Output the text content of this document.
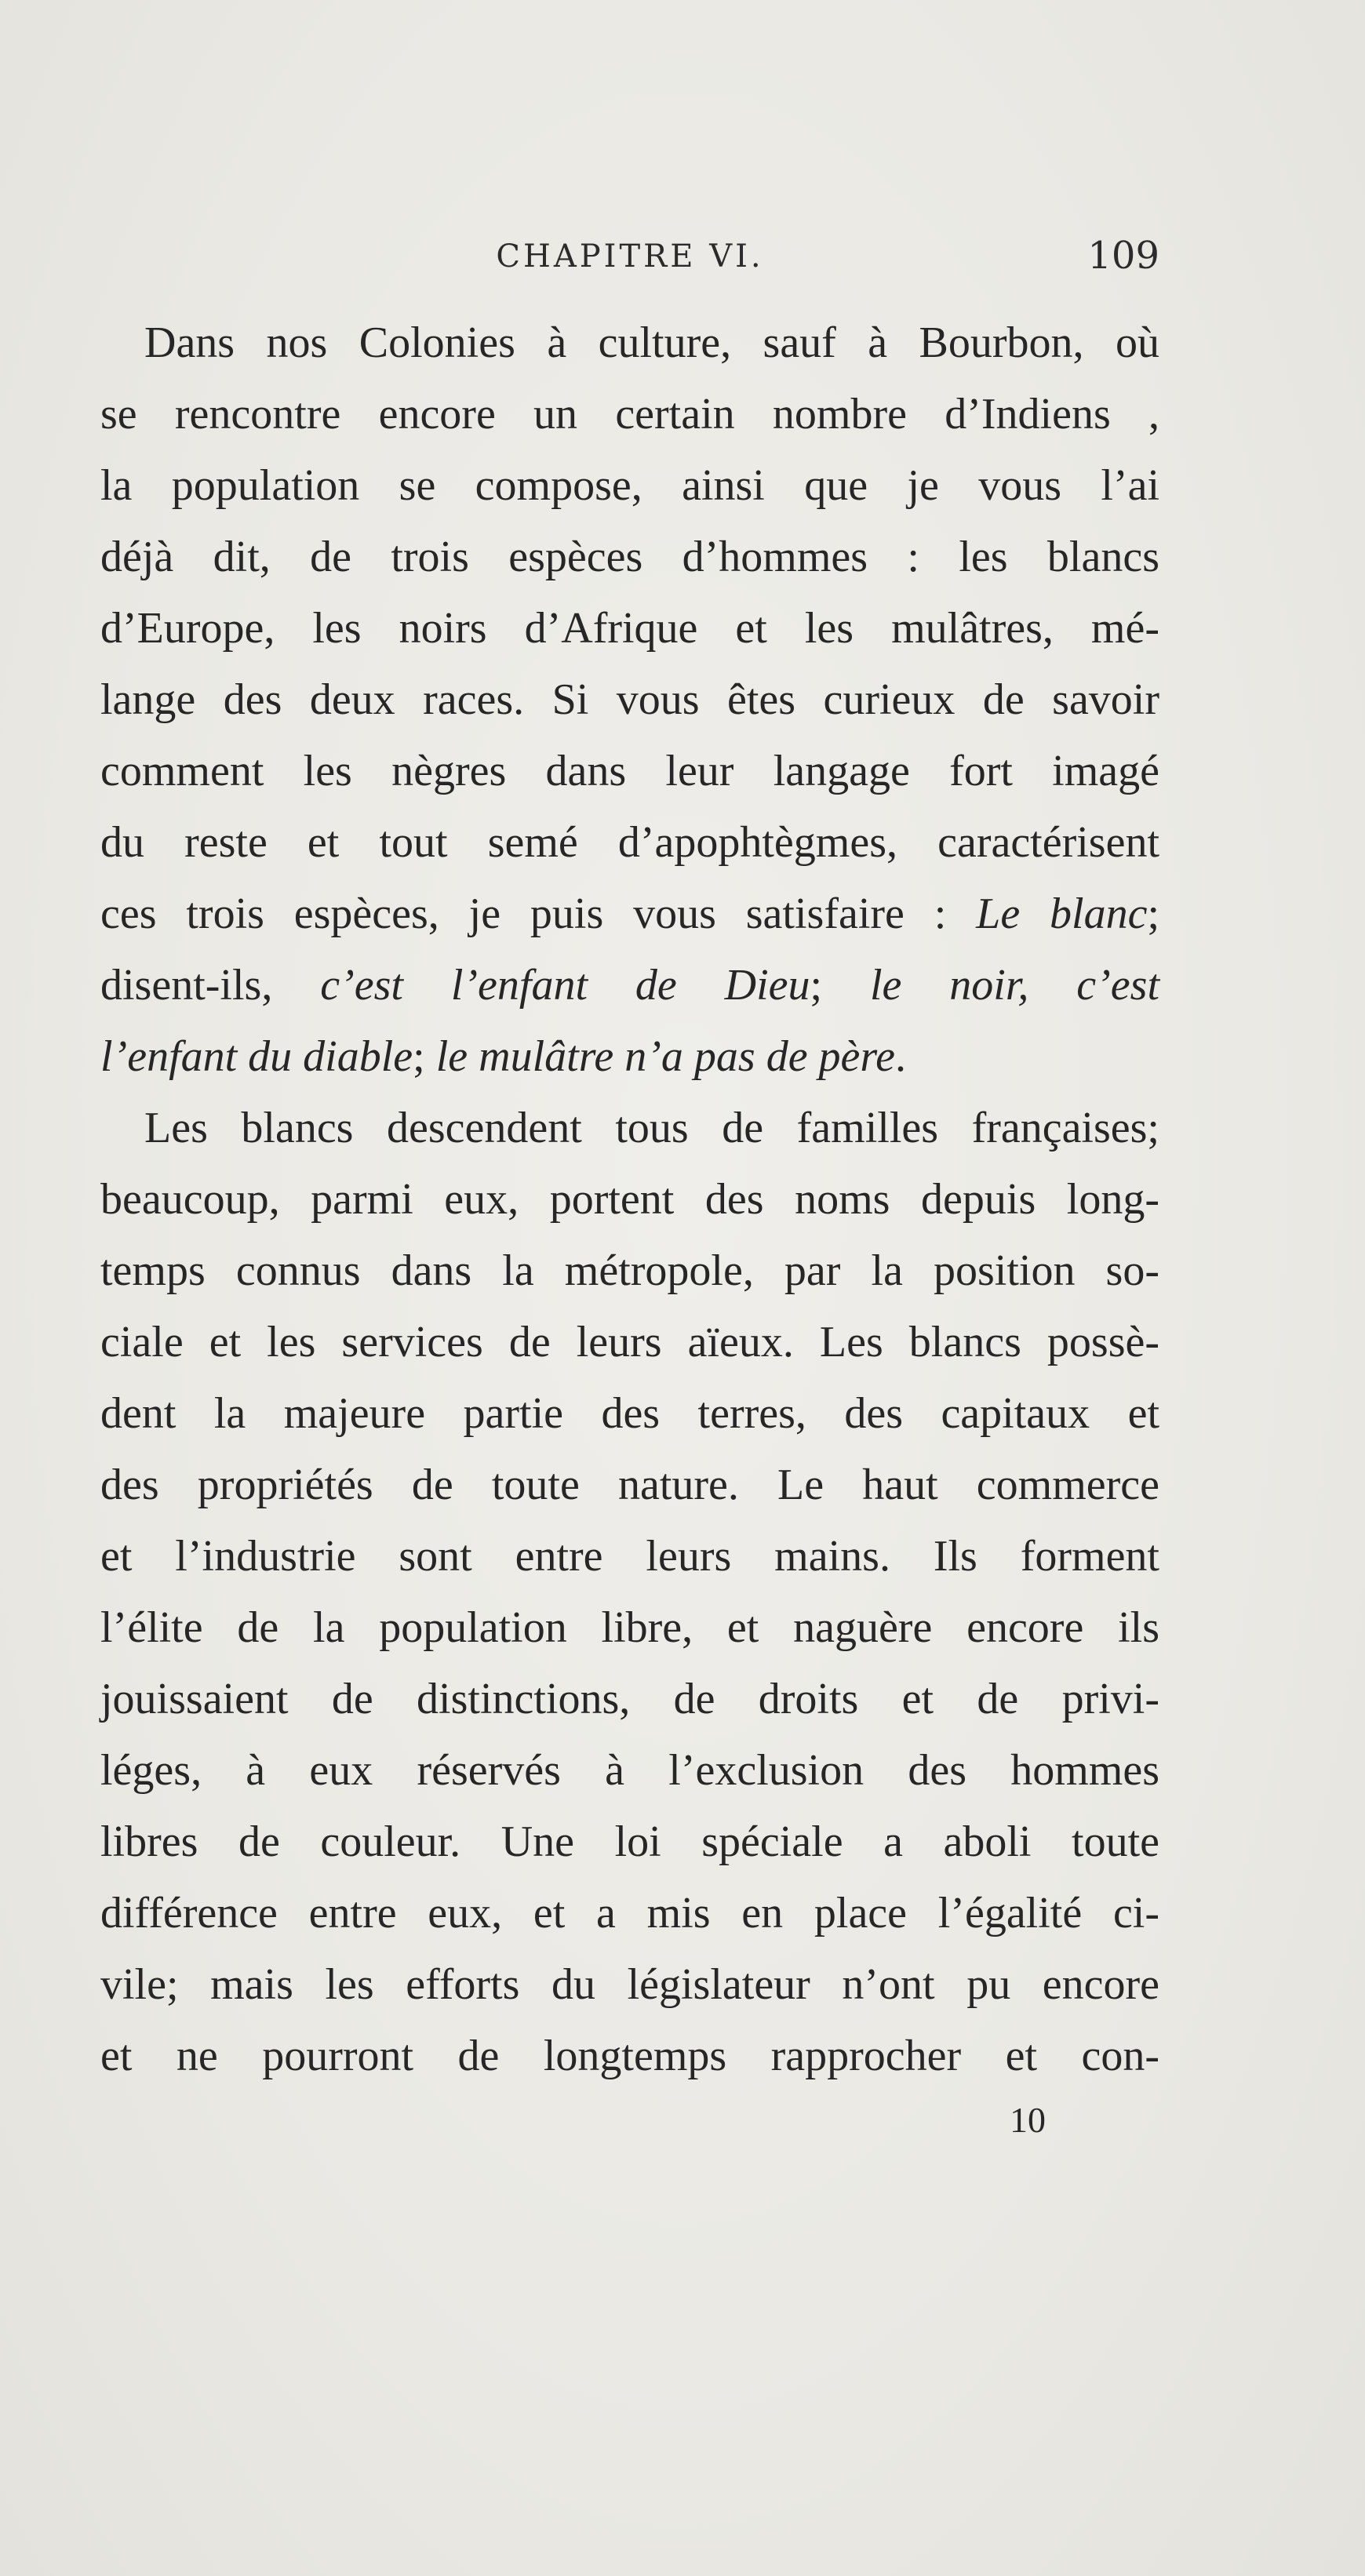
CHAPITRE VI.	109
Dans nos Colonies à culture, sauf à Bourbon, où
se rencontre encore un certain nombre d’Indiens ,
la population se compose, ainsi que je vous l’ai
déjà dit, de trois espèces d’hommes : les blancs
d’Europe, les noirs d’Afrique et les mulâtres, mé-
lange des deux races. Si vous êtes curieux de savoir
comment les nègres dans leur langage fort imagé
du reste et tout semé d’apophtègmes, caractérisent
ces trois espèces, je puis vous satisfaire : Le blanc;
disent-ils, c’est l’enfant de Dieu; le noir, c’est
l’enfant du diable; le mulâtre n’a pas de père.
Les blancs descendent tous de familles françaises;
beaucoup, parmi eux, portent des noms depuis long-
temps connus dans la métropole, par la position so-
ciale et les services de leurs aïeux. Les blancs possè-
dent la majeure partie des terres, des capitaux et
des propriétés de toute nature. Le haut commerce
et l’industrie sont entre leurs mains. Ils forment
l’élite de la population libre, et naguère encore ils
jouissaient de distinctions, de droits et de privi-
léges, à eux réservés à l’exclusion des hommes
libres de couleur. Une loi spéciale a aboli toute
différence entre eux, et a mis en place l’égalité ci-
vile; mais les efforts du législateur n’ont pu encore
et ne pourront de longtemps rapprocher et con-
10
